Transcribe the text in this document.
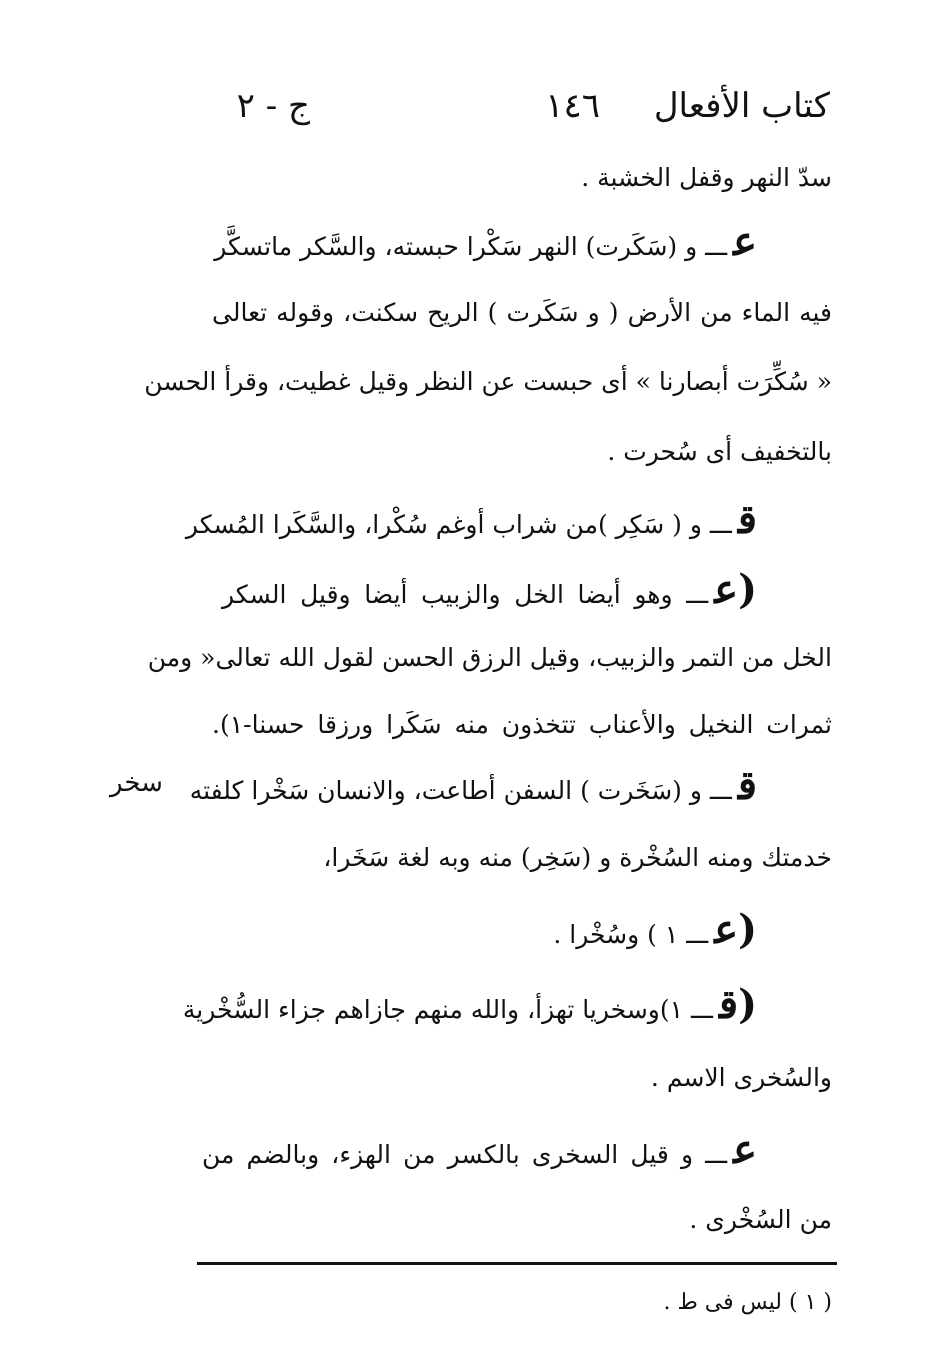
كتاب الأفعال
١٤٦
ج - ٢
سدّ النهر وقفل الخشبة .
عـــ و (سَكَرت) النهر سَكْرا حبسته، والسَّكر ماتسكَّر
فيه الماء من الأرض ( و سَكَرت ) الريح سكنت، وقوله تعالى
« سُكِّرَت أبصارنا » أى حبست عن النظر وقيل غطيت، وقرأ الحسن
بالتخفيف أى سُحرت .
قـــ و ( سَكِر )من شراب أوغم سُكْرا، والسَّكَرا المُسكر
(عـــ وهو أيضا الخل والزبيب أيضا وقيل السكر
الخل من التمر والزبيب، وقيل الرزق الحسن لقول الله تعالى« ومن
ثمرات النخيل والأعناب تتخذون منه سَكَرا ورزقا حسنا-١).
قـــ و (سَخَرت ) السفن أطاعت، والانسان سَخْرا كلفته
سخر
خدمتك ومنه السُخْرة و (سَخِر) منه وبه لغة سَخَرا،
(عـــ ١ ) وسُخْرا .
(قـــ ١)وسخريا تهزأ، والله منهم جازاهم جزاء السُّخْرية
والسُخرى الاسم .
عـــ و قيل السخرى بالكسر من الهزء، وبالضم من
من السُخْرى .
( ١ ) ليس فى ط .
